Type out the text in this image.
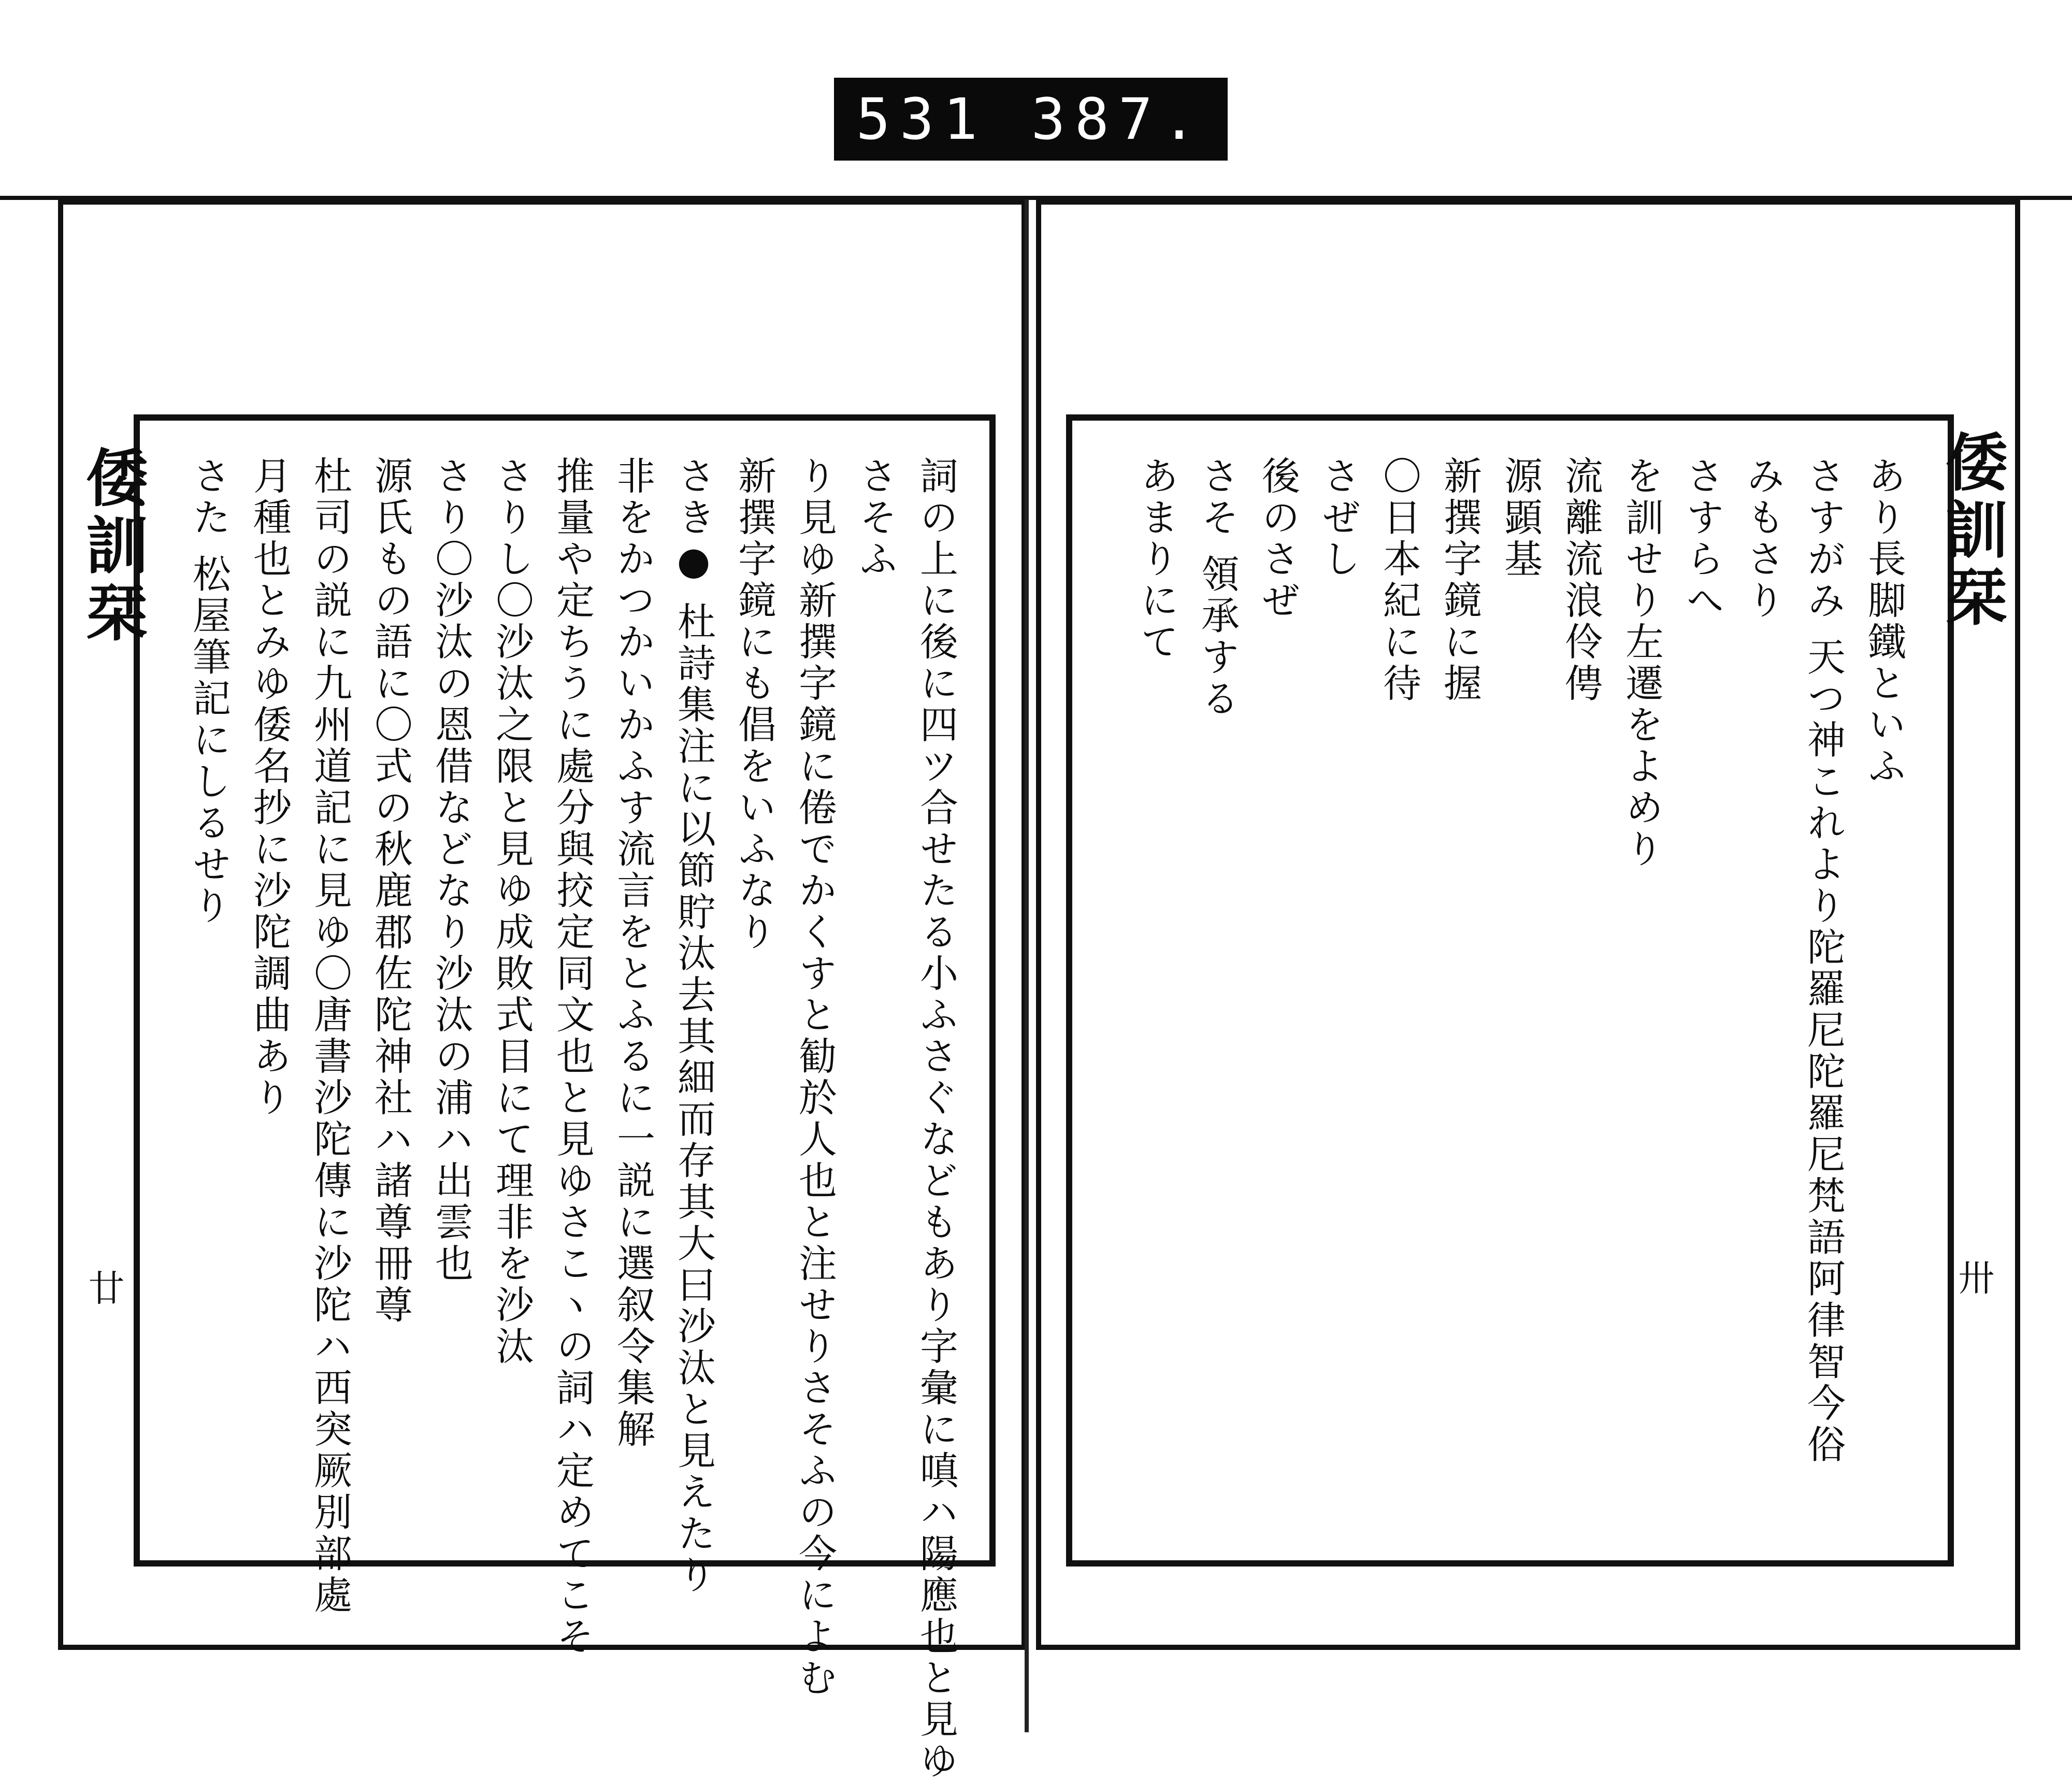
531 387.
倭訓栞	倭訓栞
廿	卅
詞の上に後に四ツ合せたる小ふさぐなどもあり字彙に嗔ハ陽應也と見ゆ
さそふ
り見ゆ新撰字鏡に倦でかくすと勧於人也と注せりさそふの今によむ
新撰字鏡にも倡をいふなり
さき● 杜詩集注に以節貯汰去其細而存其大曰沙汰と見えたり
非をかつかいかふす流言をとふるに一説に選叙令集解
推量や定ちうに處分與挍定同文也と見ゆさこヽの詞ハ定めてこそ
さりし〇沙汰之限と見ゆ成敗式目にて理非を沙汰
さり〇沙汰の恩借などなり沙汰の浦ハ出雲也
源氏もの語に〇式の秋鹿郡佐陀神社ハ諸尊冊尊
杜司の説に九州道記に見ゆ〇唐書沙陀傳に沙陀ハ西突厥別部處
月種也とみゆ倭名抄に沙陀調曲あり
さた 松屋筆記にしるせり	あり長脚鐵といふ
さすがみ 天つ神これより陀羅尼陀羅尼梵語阿律智今俗
みもさり
さすらへ
を訓せり左遷をよめり
流離流浪伶俜
源顕基
新撰字鏡に握
〇日本紀に待
さぜし
後のさぜ
さそ 領承する
あまりにて
